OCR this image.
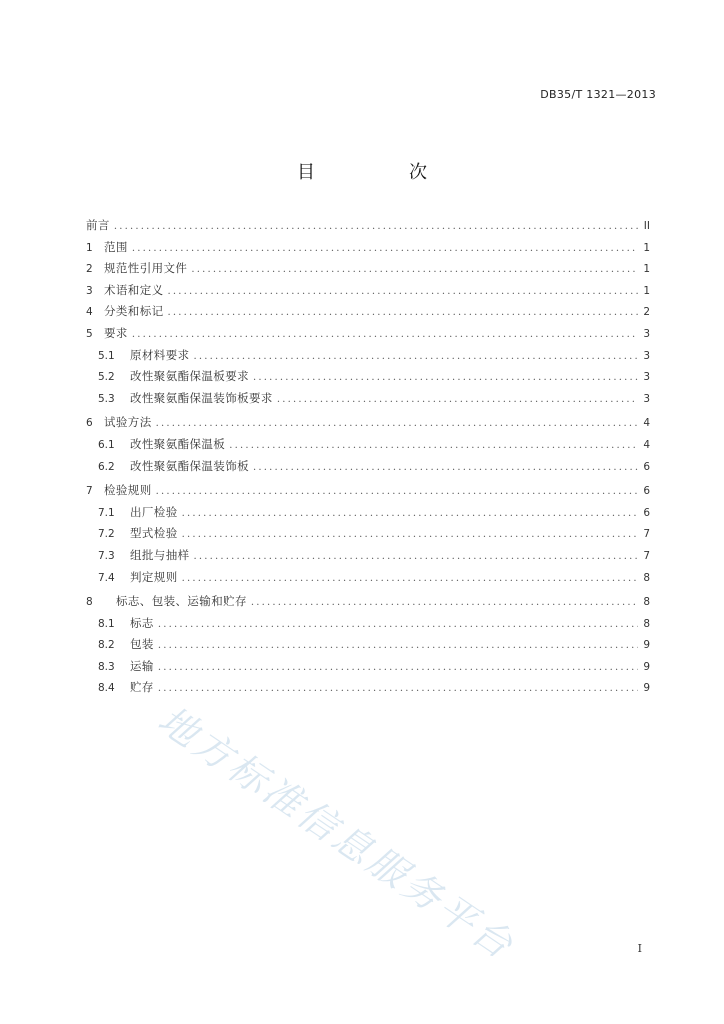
DB35/T 1321—2013
目　次
前言 .....	II
1 范围 .....	1
2 规范性引用文件 .....	1
3 术语和定义 .....	1
4 分类和标记 .....	2
5 要求 .....	3
5.1	原材料要求 .....	3
5.2	改性聚氨酯保温板要求 .....	3
5.3	改性聚氨酯保温装饰板要求 .....	3
6 试验方法 .....	4
6.1	改性聚氨酯保温板 .....	4
6.2	改性聚氨酯保温装饰板 .....	6
7 检验规则 .....	6
7.1	出厂检验 .....	6
7.2	型式检验 .....	7
7.3	组批与抽样 .....	7
7.4	判定规则 .....	8
8	标志、包装、运输和贮存 .....	8
8.1	标志 .....	8
8.2	包装 .....	9
8.3	运输 .....	9
8.4	贮存 .....	9
地方标准信息服务平台	I
